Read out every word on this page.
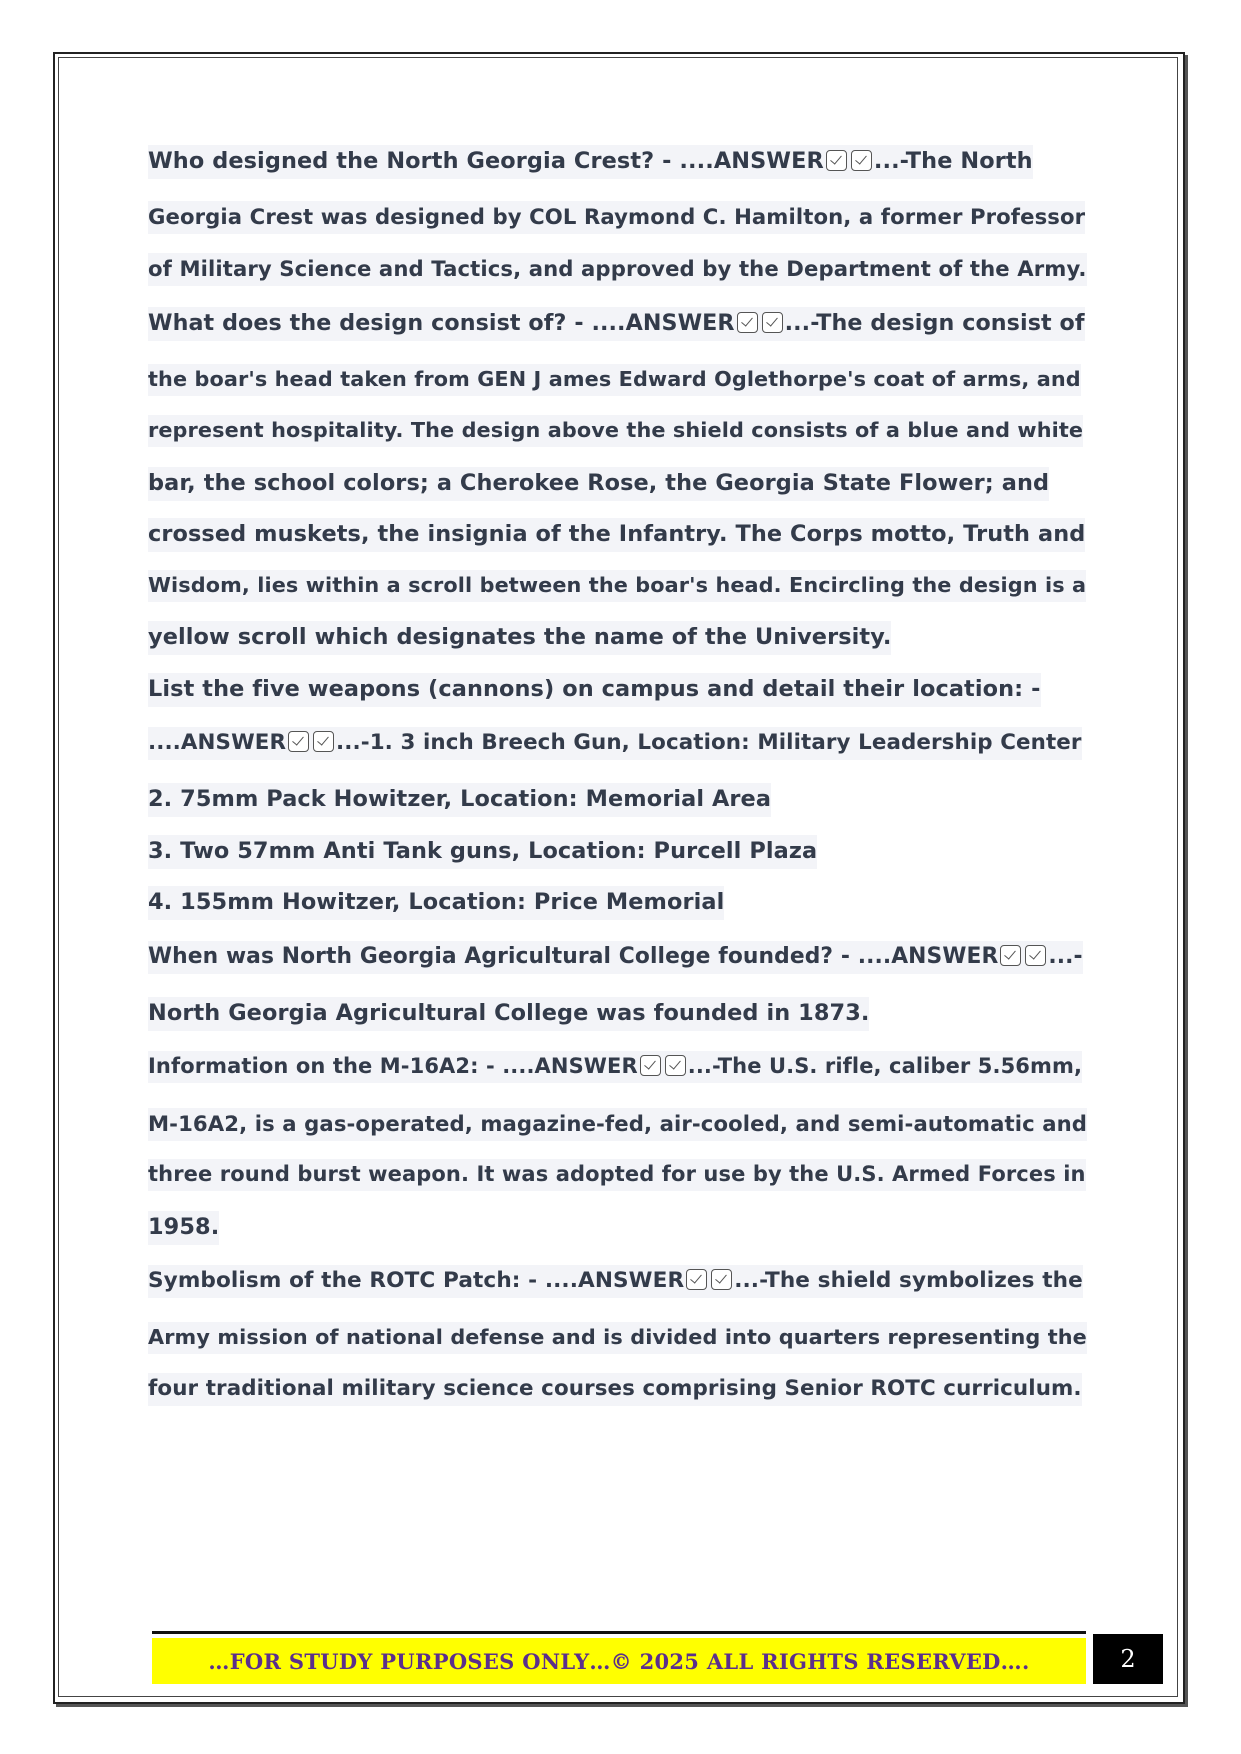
Who designed the North Georgia Crest? - ....ANSWER ...-The North
Georgia Crest was designed by COL Raymond C. Hamilton, a former Professor
of Military Science and Tactics, and approved by the Department of the Army.
What does the design consist of? - ....ANSWER ...-The design consist of
the boar's head taken from GEN J ames Edward Oglethorpe's coat of arms, and
represent hospitality. The design above the shield consists of a blue and white
bar, the school colors; a Cherokee Rose, the Georgia State Flower; and
crossed muskets, the insignia of the Infantry. The Corps motto, Truth and
Wisdom, lies within a scroll between the boar's head. Encircling the design is a
yellow scroll which designates the name of the University.
List the five weapons (cannons) on campus and detail their location: -
....ANSWER ...-1. 3 inch Breech Gun, Location: Military Leadership Center
2. 75mm Pack Howitzer, Location: Memorial Area
3. Two 57mm Anti Tank guns, Location: Purcell Plaza
4. 155mm Howitzer, Location: Price Memorial
When was North Georgia Agricultural College founded? - ....ANSWER ...-
North Georgia Agricultural College was founded in 1873.
Information on the M-16A2: - ....ANSWER ...-The U.S. rifle, caliber 5.56mm,
M-16A2, is a gas-operated, magazine-fed, air-cooled, and semi-automatic and
three round burst weapon. It was adopted for use by the U.S. Armed Forces in
1958.
Symbolism of the ROTC Patch: - ....ANSWER ...-The shield symbolizes the
Army mission of national defense and is divided into quarters representing the
four traditional military science courses comprising Senior ROTC curriculum.
…FOR STUDY PURPOSES ONLY…© 2025 ALL RIGHTS RESERVED….	2
